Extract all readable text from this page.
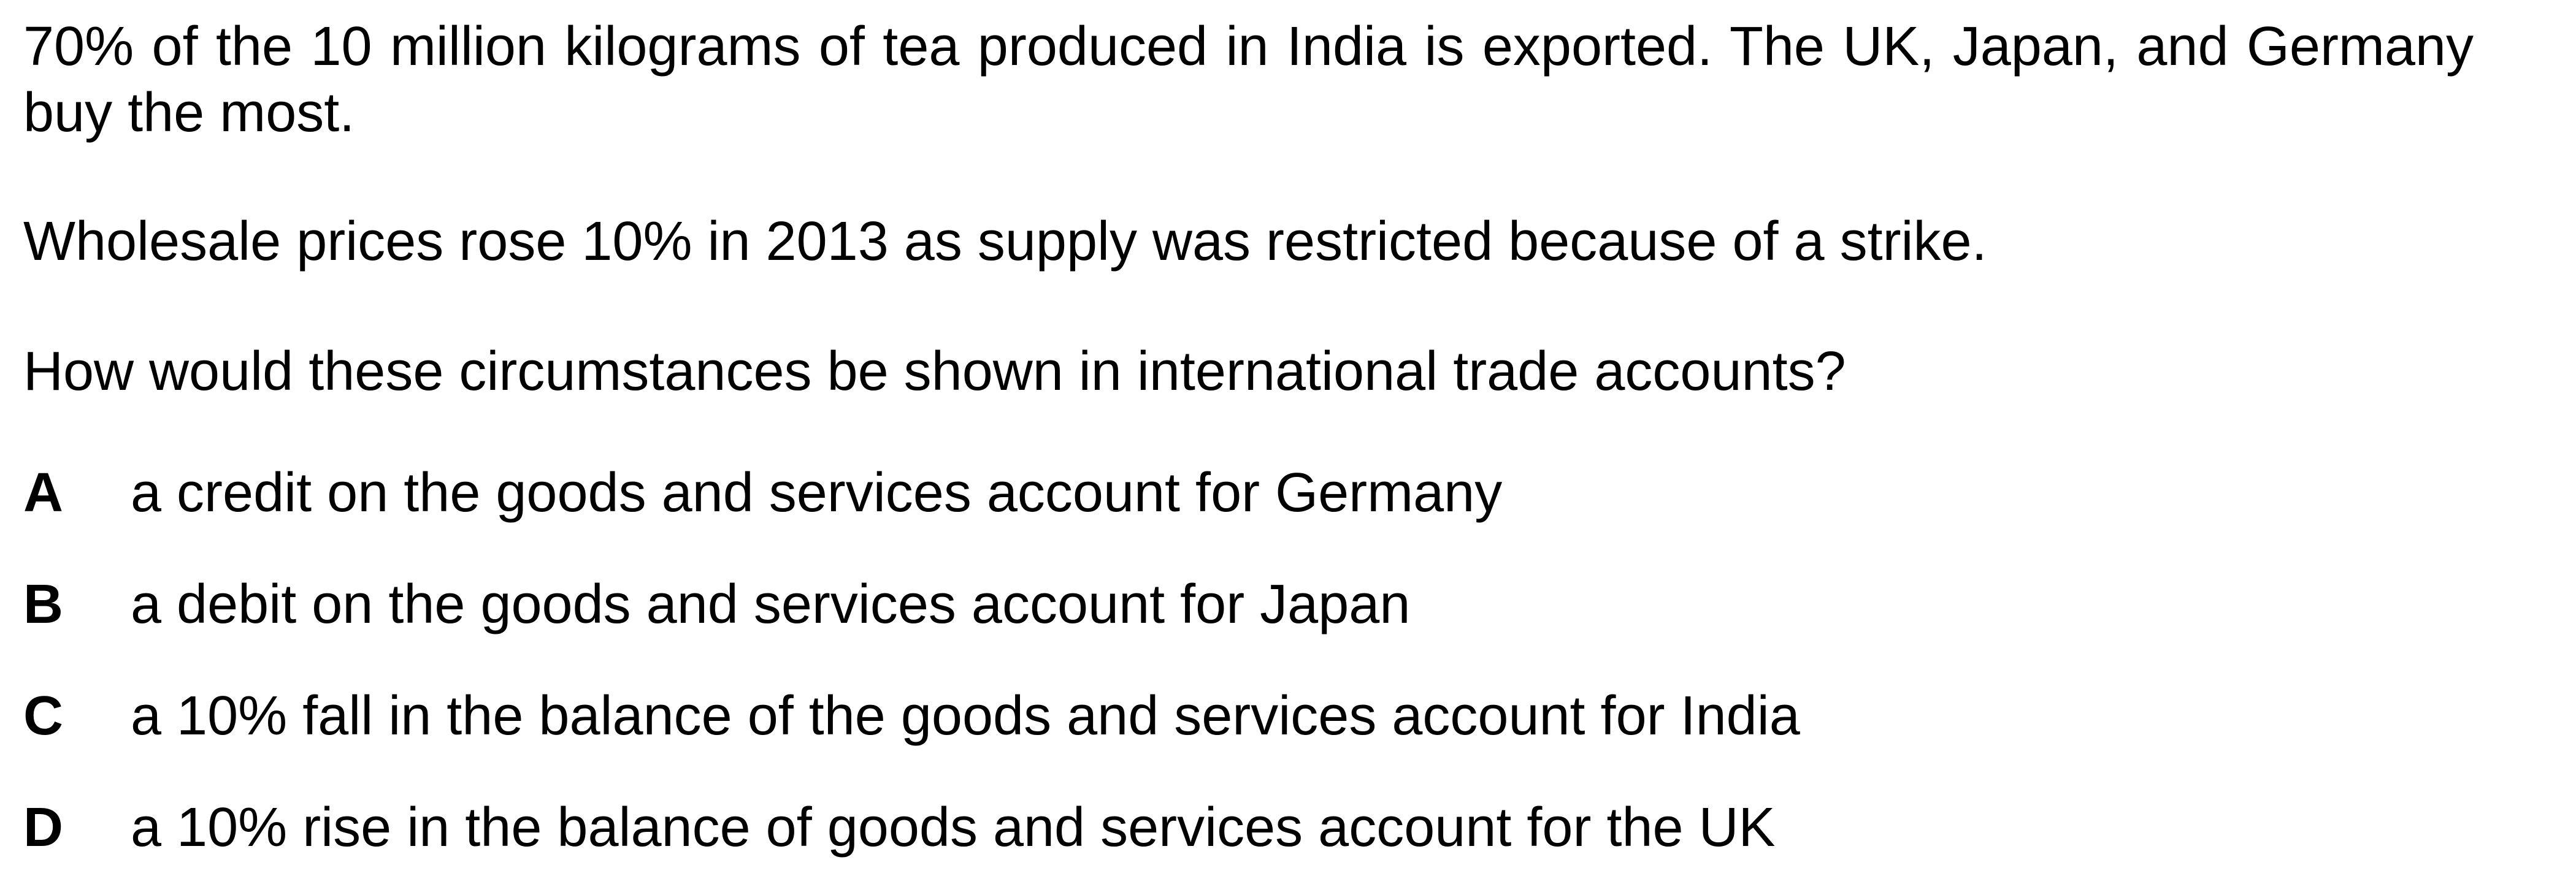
70% of the 10 million kilograms of tea produced in India is exported. The UK, Japan, and Germany buy the most.

Wholesale prices rose 10% in 2013 as supply was restricted because of a strike.

How would these circumstances be shown in international trade accounts?

A a credit on the goods and services account for Germany
B a debit on the goods and services account for Japan
C a 10% fall in the balance of the goods and services account for India
D a 10% rise in the balance of goods and services account for the UK
